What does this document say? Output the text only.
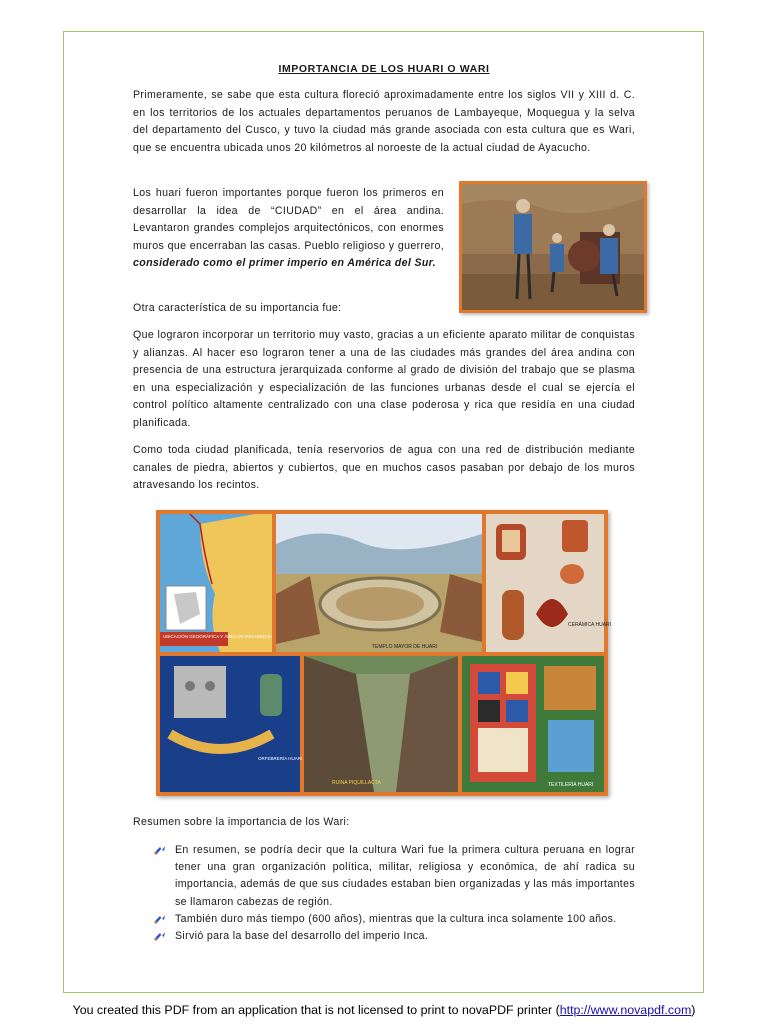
IMPORTANCIA DE LOS HUARI O WARI

Primeramente, se sabe que esta cultura floreció aproximadamente entre los siglos VII y XIII d. C. en los territorios de los actuales departamentos peruanos de Lambayeque, Moquegua y la selva del departamento del Cusco, y tuvo la ciudad más grande asociada con esta cultura que es Wari, que se encuentra ubicada unos 20 kilómetros al noroeste de la actual ciudad de Ayacucho.

Los huari fueron importantes porque fueron los primeros en desarrollar la idea de “CIUDAD” en el área andina. Levantaron grandes complejos arquitectónicos, con enormes muros que encerraban las casas. Pueblo religioso y guerrero, considerado como el primer imperio en América del Sur.

Otra característica de su importancia fue:

Que lograron incorporar un territorio muy vasto, gracias a un eficiente aparato militar de conquistas y alianzas. Al hacer eso lograron tener a una de las ciudades más grandes del área andina con presencia de una estructura jerarquizada conforme al grado de división del trabajo que se plasma en una especialización y especialización de las funciones urbanas desde el cual se ejercía el control político altamente centralizado con una clase poderosa y rica que residía en una ciudad planificada.

Como toda ciudad planificada, tenía reservorios de agua con una red de distribución mediante canales de piedra, abiertos y cubiertos, que en muchos casos pasaban por debajo de los muros atravesando los recintos.

UBICACIÓN GEOGRÁFICA Y ÁREA DE INFLUENCIA
TEMPLO MAYOR DE HUARI
CERÁMICA HUARI
ORFEBRERÍA HUARI
RUINA PIQUILLACTA	TEXTILERÍA HUARI

Resumen sobre la importancia de los Wari:

En resumen, se podría decir que la cultura Wari fue la primera cultura peruana en lograr tener una gran organización política, militar, religiosa y económica, de ahí radica su importancia, además de que sus ciudades estaban bien organizadas y las más importantes se llamaron cabezas de región.
También duro más tiempo (600 años), mientras que la cultura inca solamente 100 años.
Sirvió para la base del desarrollo del imperio Inca.
You created this PDF from an application that is not licensed to print to novaPDF printer (http://www.novapdf.com)
